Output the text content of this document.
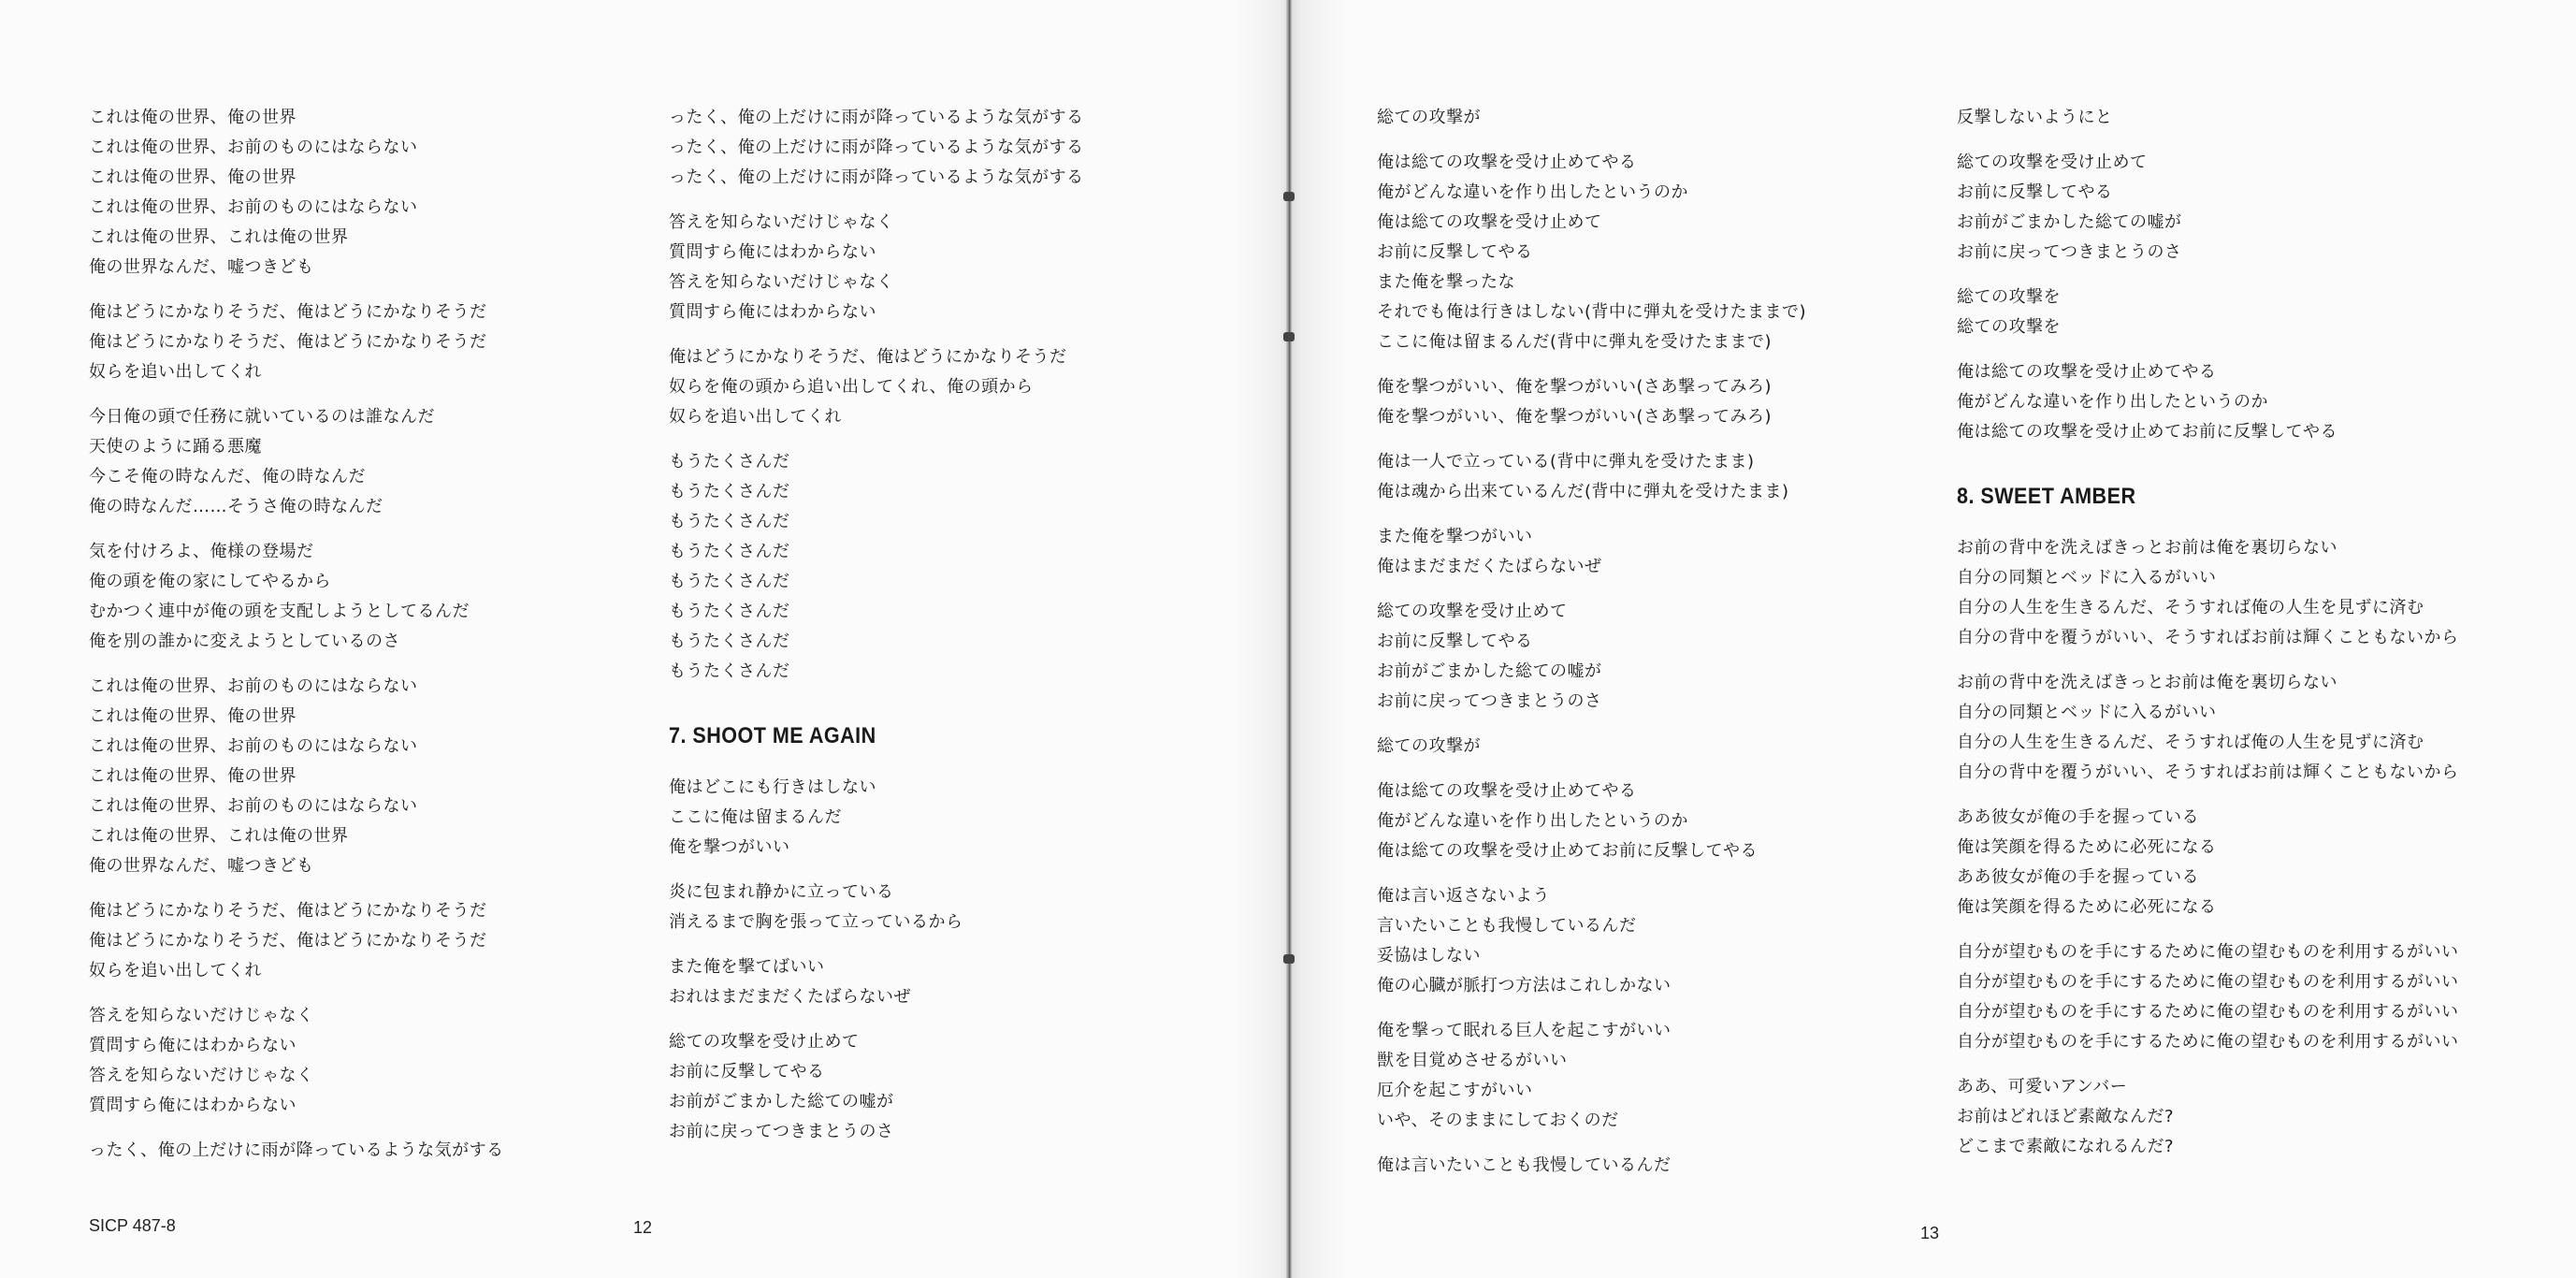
これは俺の世界、俺の世界
これは俺の世界、お前のものにはならない
これは俺の世界、俺の世界
これは俺の世界、お前のものにはならない
これは俺の世界、これは俺の世界
俺の世界なんだ、嘘つきども
俺はどうにかなりそうだ、俺はどうにかなりそうだ
俺はどうにかなりそうだ、俺はどうにかなりそうだ
奴らを追い出してくれ
今日俺の頭で任務に就いているのは誰なんだ
天使のように踊る悪魔
今こそ俺の時なんだ、俺の時なんだ
俺の時なんだ……そうさ俺の時なんだ
気を付けろよ、俺様の登場だ
俺の頭を俺の家にしてやるから
むかつく連中が俺の頭を支配しようとしてるんだ
俺を別の誰かに変えようとしているのさ
これは俺の世界、お前のものにはならない
これは俺の世界、俺の世界
これは俺の世界、お前のものにはならない
これは俺の世界、俺の世界
これは俺の世界、お前のものにはならない
これは俺の世界、これは俺の世界
俺の世界なんだ、嘘つきども
俺はどうにかなりそうだ、俺はどうにかなりそうだ
俺はどうにかなりそうだ、俺はどうにかなりそうだ
奴らを追い出してくれ
答えを知らないだけじゃなく
質問すら俺にはわからない
答えを知らないだけじゃなく
質問すら俺にはわからない
ったく、俺の上だけに雨が降っているような気がする
ったく、俺の上だけに雨が降っているような気がする
ったく、俺の上だけに雨が降っているような気がする
ったく、俺の上だけに雨が降っているような気がする
答えを知らないだけじゃなく
質問すら俺にはわからない
答えを知らないだけじゃなく
質問すら俺にはわからない
俺はどうにかなりそうだ、俺はどうにかなりそうだ
奴らを俺の頭から追い出してくれ、俺の頭から
奴らを追い出してくれ
もうたくさんだ
もうたくさんだ
もうたくさんだ
もうたくさんだ
もうたくさんだ
もうたくさんだ
もうたくさんだ
もうたくさんだ
7. SHOOT ME AGAIN
俺はどこにも行きはしない
ここに俺は留まるんだ
俺を撃つがいい
炎に包まれ静かに立っている
消えるまで胸を張って立っているから
また俺を撃てばいい
おれはまだまだくたばらないぜ
総ての攻撃を受け止めて
お前に反撃してやる
お前がごまかした総ての嘘が
お前に戻ってつきまとうのさ
総ての攻撃が
俺は総ての攻撃を受け止めてやる
俺がどんな違いを作り出したというのか
俺は総ての攻撃を受け止めて
お前に反撃してやる
また俺を撃ったな
それでも俺は行きはしない(背中に弾丸を受けたままで)
ここに俺は留まるんだ(背中に弾丸を受けたままで)
俺を撃つがいい、俺を撃つがいい(さあ撃ってみろ)
俺を撃つがいい、俺を撃つがいい(さあ撃ってみろ)
俺は一人で立っている(背中に弾丸を受けたまま)
俺は魂から出来ているんだ(背中に弾丸を受けたまま)
また俺を撃つがいい
俺はまだまだくたばらないぜ
総ての攻撃を受け止めて
お前に反撃してやる
お前がごまかした総ての嘘が
お前に戻ってつきまとうのさ
総ての攻撃が
俺は総ての攻撃を受け止めてやる
俺がどんな違いを作り出したというのか
俺は総ての攻撃を受け止めてお前に反撃してやる
俺は言い返さないよう
言いたいことも我慢しているんだ
妥協はしない
俺の心臓が脈打つ方法はこれしかない
俺を撃って眠れる巨人を起こすがいい
獣を目覚めさせるがいい
厄介を起こすがいい
いや、そのままにしておくのだ
俺は言いたいことも我慢しているんだ
反撃しないようにと
総ての攻撃を受け止めて
お前に反撃してやる
お前がごまかした総ての嘘が
お前に戻ってつきまとうのさ
総ての攻撃を
総ての攻撃を
俺は総ての攻撃を受け止めてやる
俺がどんな違いを作り出したというのか
俺は総ての攻撃を受け止めてお前に反撃してやる
8. SWEET AMBER
お前の背中を洗えばきっとお前は俺を裏切らない
自分の同類とベッドに入るがいい
自分の人生を生きるんだ、そうすれば俺の人生を見ずに済む
自分の背中を覆うがいい、そうすればお前は輝くこともないから
お前の背中を洗えばきっとお前は俺を裏切らない
自分の同類とベッドに入るがいい
自分の人生を生きるんだ、そうすれば俺の人生を見ずに済む
自分の背中を覆うがいい、そうすればお前は輝くこともないから
ああ彼女が俺の手を握っている
俺は笑顔を得るために必死になる
ああ彼女が俺の手を握っている
俺は笑顔を得るために必死になる
自分が望むものを手にするために俺の望むものを利用するがいい
自分が望むものを手にするために俺の望むものを利用するがいい
自分が望むものを手にするために俺の望むものを利用するがいい
自分が望むものを手にするために俺の望むものを利用するがいい
ああ、可愛いアンバー
お前はどれほど素敵なんだ?
どこまで素敵になれるんだ?
SICP 487-8	12	13
